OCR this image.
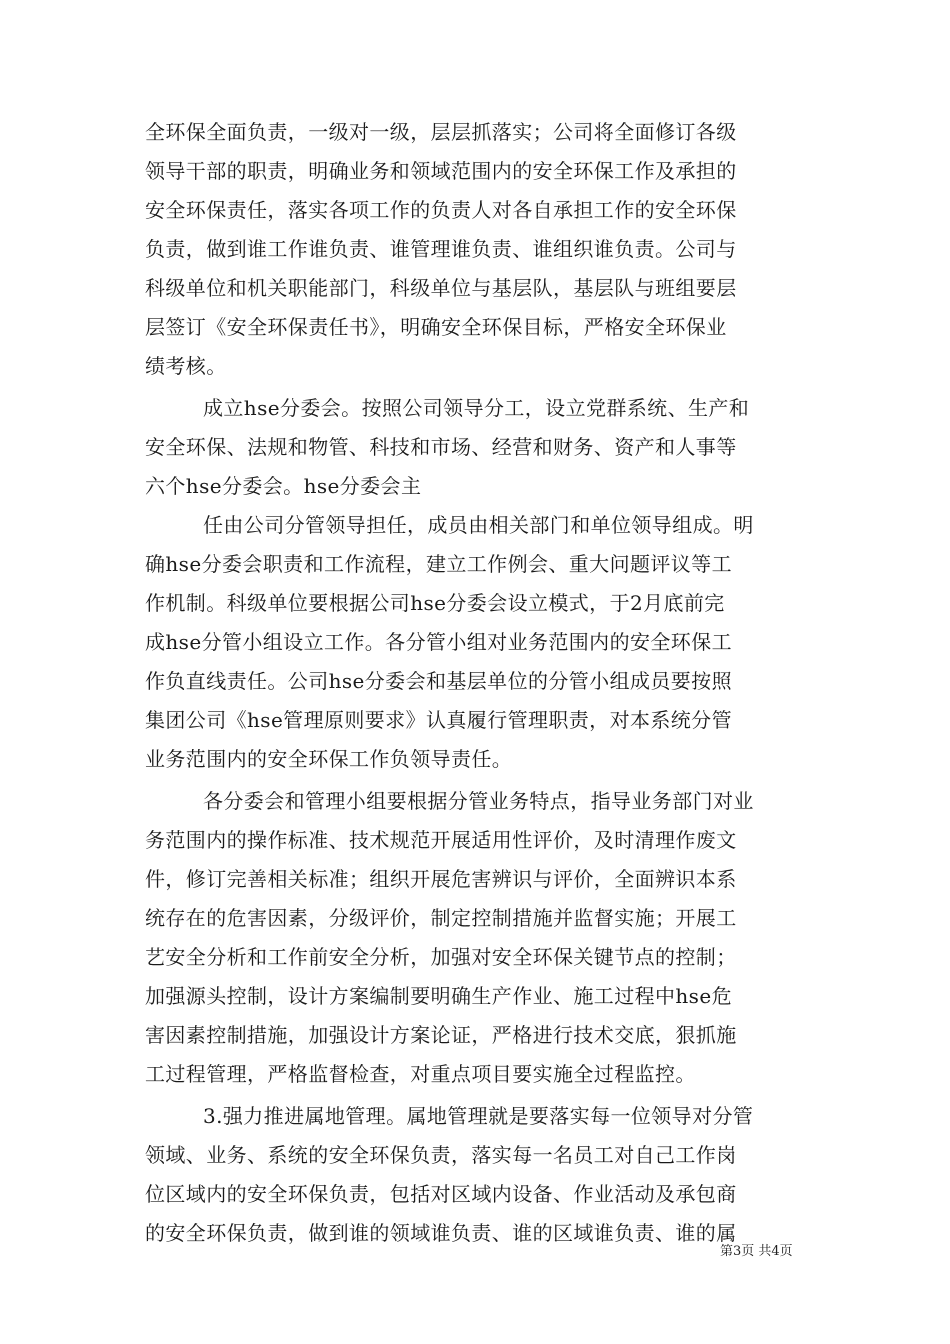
全环保全面负责，一级对一级，层层抓落实；公司将全面修订各级
领导干部的职责，明确业务和领域范围内的安全环保工作及承担的
安全环保责任，落实各项工作的负责人对各自承担工作的安全环保
负责，做到谁工作谁负责、谁管理谁负责、谁组织谁负责。公司与
科级单位和机关职能部门，科级单位与基层队，基层队与班组要层
层签订《安全环保责任书》，明确安全环保目标，严格安全环保业
绩考核。
成立hse分委会。按照公司领导分工，设立党群系统、生产和
安全环保、法规和物管、科技和市场、经营和财务、资产和人事等
六个hse分委会。hse分委会主
任由公司分管领导担任，成员由相关部门和单位领导组成。明
确hse分委会职责和工作流程，建立工作例会、重大问题评议等工
作机制。科级单位要根据公司hse分委会设立模式，于2月底前完
成hse分管小组设立工作。各分管小组对业务范围内的安全环保工
作负直线责任。公司hse分委会和基层单位的分管小组成员要按照
集团公司《hse管理原则要求》认真履行管理职责，对本系统分管
业务范围内的安全环保工作负领导责任。
各分委会和管理小组要根据分管业务特点，指导业务部门对业
务范围内的操作标准、技术规范开展适用性评价，及时清理作废文
件，修订完善相关标准；组织开展危害辨识与评价，全面辨识本系
统存在的危害因素，分级评价，制定控制措施并监督实施；开展工
艺安全分析和工作前安全分析，加强对安全环保关键节点的控制；
加强源头控制，设计方案编制要明确生产作业、施工过程中hse危
害因素控制措施，加强设计方案论证，严格进行技术交底，狠抓施
工过程管理，严格监督检查，对重点项目要实施全过程监控。
3.强力推进属地管理。属地管理就是要落实每一位领导对分管
领域、业务、系统的安全环保负责，落实每一名员工对自己工作岗
位区域内的安全环保负责，包括对区域内设备、作业活动及承包商
的安全环保负责，做到谁的领域谁负责、谁的区域谁负责、谁的属
第3页 共4页
